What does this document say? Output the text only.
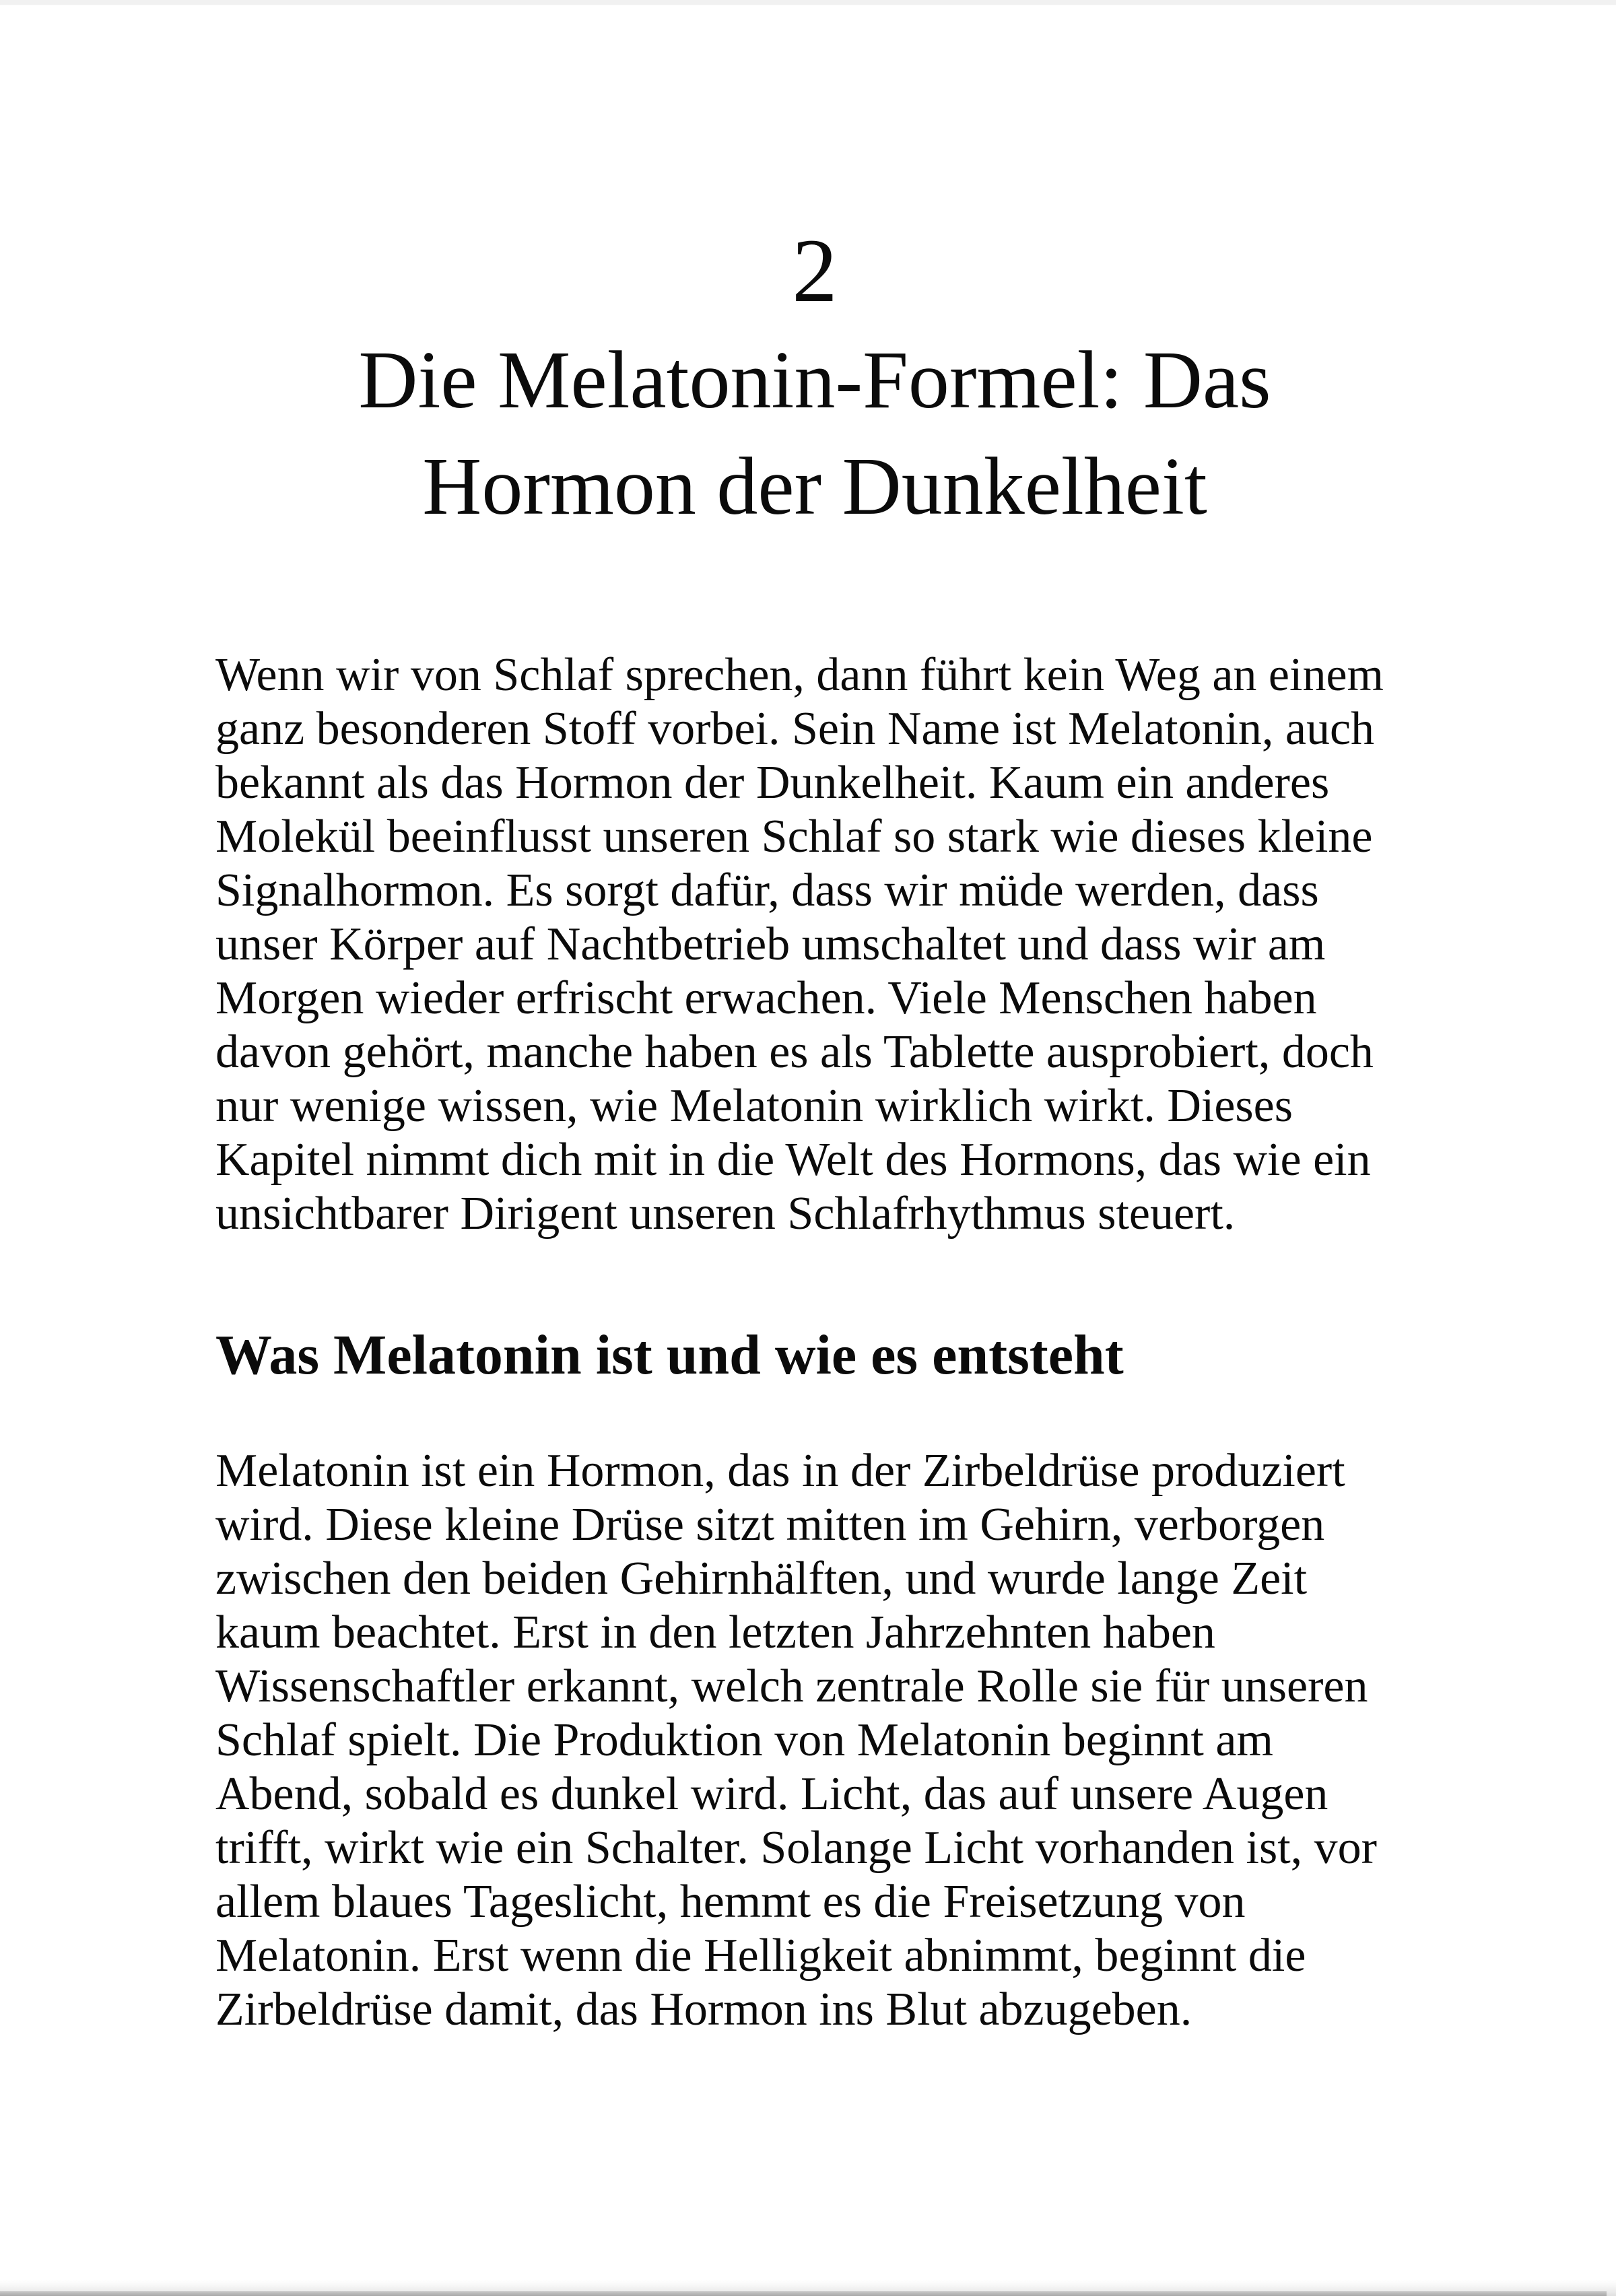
2
Die Melatonin-Formel: Das
Hormon der Dunkelheit
Wenn wir von Schlaf sprechen, dann führt kein Weg an einem
ganz besonderen Stoff vorbei. Sein Name ist Melatonin, auch
bekannt als das Hormon der Dunkelheit. Kaum ein anderes
Molekül beeinflusst unseren Schlaf so stark wie dieses kleine
Signalhormon. Es sorgt dafür, dass wir müde werden, dass
unser Körper auf Nachtbetrieb umschaltet und dass wir am
Morgen wieder erfrischt erwachen. Viele Menschen haben
davon gehört, manche haben es als Tablette ausprobiert, doch
nur wenige wissen, wie Melatonin wirklich wirkt. Dieses
Kapitel nimmt dich mit in die Welt des Hormons, das wie ein
unsichtbarer Dirigent unseren Schlafrhythmus steuert.
Was Melatonin ist und wie es entsteht
Melatonin ist ein Hormon, das in der Zirbeldrüse produziert
wird. Diese kleine Drüse sitzt mitten im Gehirn, verborgen
zwischen den beiden Gehirnhälften, und wurde lange Zeit
kaum beachtet. Erst in den letzten Jahrzehnten haben
Wissenschaftler erkannt, welch zentrale Rolle sie für unseren
Schlaf spielt. Die Produktion von Melatonin beginnt am
Abend, sobald es dunkel wird. Licht, das auf unsere Augen
trifft, wirkt wie ein Schalter. Solange Licht vorhanden ist, vor
allem blaues Tageslicht, hemmt es die Freisetzung von
Melatonin. Erst wenn die Helligkeit abnimmt, beginnt die
Zirbeldrüse damit, das Hormon ins Blut abzugeben.
